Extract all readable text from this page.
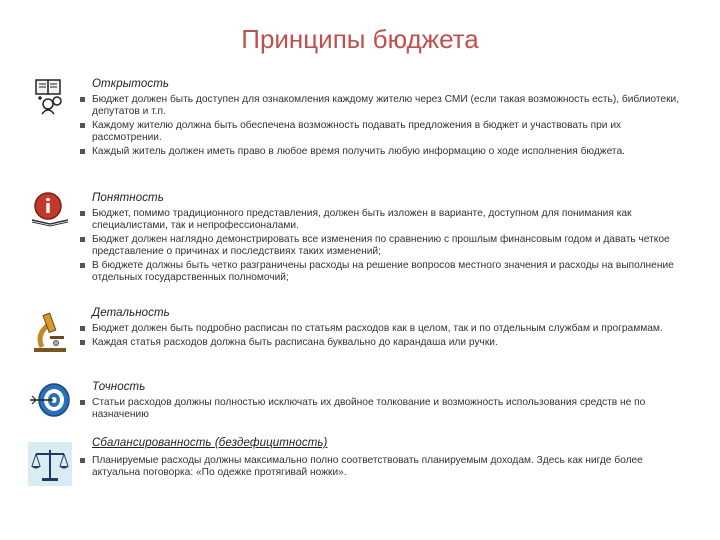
Принципы бюджета
Открытость
Бюджет должен быть доступен для ознакомления каждому жителю через СМИ (если такая возможность есть), библиотеки, депутатов и т.п.
Каждому жителю должна быть обеспечена возможность подавать предложения в бюджет и участвовать при их рассмотрении.
Каждый житель должен иметь право в любое время получить любую информацию о ходе исполнения бюджета.
Понятность
Бюджет, помимо традиционного представления, должен быть изложен в варианте, доступном для понимания как специалистами, так и непрофессионалами.
Бюджет должен наглядно демонстрировать все изменения по сравнению с прошлым финансовым годом и давать четкое представление о причинах и последствиях таких изменений;
В бюджете должны быть четко разграничены расходы на решение вопросов местного значения и расходы на выполнение отдельных государственных полномочий;
Детальность
Бюджет должен быть подробно расписан по статьям расходов как в целом, так и по отдельным службам и программам.
Каждая статья расходов должна быть расписана буквально до карандаша или ручки.
Точность
Статьи расходов должны полностью исключать их двойное толкование и возможность использования средств не по назначению
Сбалансированность (бездефицитность)
Планируемые расходы должны максимально полно соответствовать планируемым доходам. Здесь как нигде более актуальна поговорка: «По одежке протягивай ножки».
